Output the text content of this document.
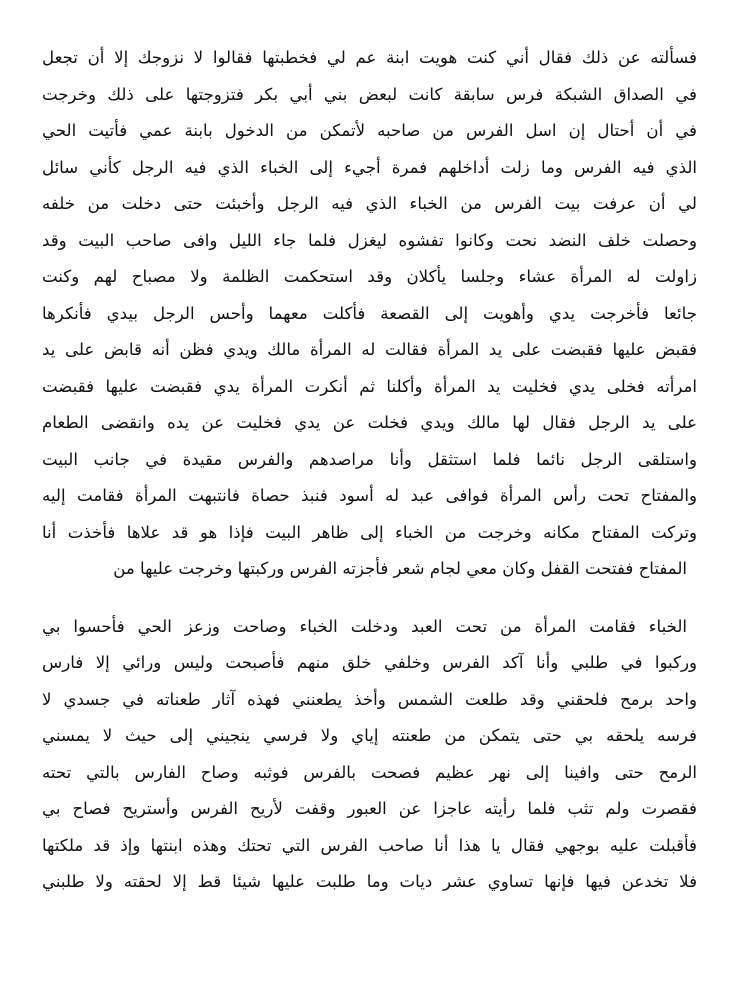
فسألته عن ذلك فقال أني كنت هويت ابنة عم لي فخطبتها فقالوا لا نزوجك إلا أن تجعل
في الصداق الشبكة فرس سابقة كانت لبعض بني أبي بكر فتزوجتها على ذلك وخرجت
في أن أحتال إن اسل الفرس من صاحبه لأتمكن من الدخول بابنة عمي فأتيت الحي
الذي فيه الفرس وما زلت أداخلهم فمرة أجيء إلى الخباء الذي فيه الرجل كأني سائل
لي أن عرفت بيت الفرس من الخباء الذي فيه الرجل وأخبئت حتى دخلت من خلفه
وحصلت خلف النضد نحت وكانوا تفشوه ليغزل فلما جاء الليل وافى صاحب البيت وقد
زاولت له المرأة عشاء وجلسا يأكلان وقد استحكمت الظلمة ولا مصباح لهم وكنت
جائعا فأخرجت يدي وأهويت إلى القصعة فأكلت معهما وأحس الرجل بيدي فأنكرها
فقبض عليها فقبضت على يد المرأة فقالت له المرأة مالك ويدي فظن أنه قابض على يد
امرأته فخلى يدي فخليت يد المرأة وأكلنا ثم أنكرت المرأة يدي فقبضت عليها فقبضت
على يد الرجل فقال لها مالك ويدي فخلت عن يدي فخليت عن يده وانقضى الطعام
واستلقى الرجل نائما فلما استثقل وأنا مراصدهم والفرس مقيدة في جانب البيت
والمفتاح تحت رأس المرأة فوافى عبد له أسود فنبذ حصاة فانتبهت المرأة فقامت إليه
وتركت المفتاح مكانه وخرجت من الخباء إلى ظاهر البيت فإذا هو قد علاها فأخذت أنا
المفتاح ففتحت القفل وكان معي لجام شعر فأجزته الفرس وركبتها وخرجت عليها من
الخباء فقامت المرأة من تحت العبد ودخلت الخباء وصاحت وزعز الحي فأحسوا بي
وركبوا في طلبي وأنا آكد الفرس وخلفي خلق منهم فأصبحت وليس ورائي إلا فارس
واحد برمح فلحقني وقد طلعت الشمس وأخذ يطعنني فهذه آثار طعناته في جسدي لا
فرسه يلحقه بي حتى يتمكن من طعنته إياي ولا فرسي ينجيني إلى حيث لا يمسني
الرمح حتى وافينا إلى نهر عظيم فصحت بالفرس فوثبه وصاح الفارس بالتي تحته
فقصرت ولم تثب فلما رأيته عاجزا عن العبور وقفت لأريح الفرس وأستريح فصاح بي
فأقبلت عليه بوجهي فقال يا هذا أنا صاحب الفرس التي تحتك وهذه ابنتها وإذ قد ملكتها
فلا تخدعن فيها فإنها تساوي عشر ديات وما طلبت عليها شيئا قط إلا لحقته ولا طلبني
